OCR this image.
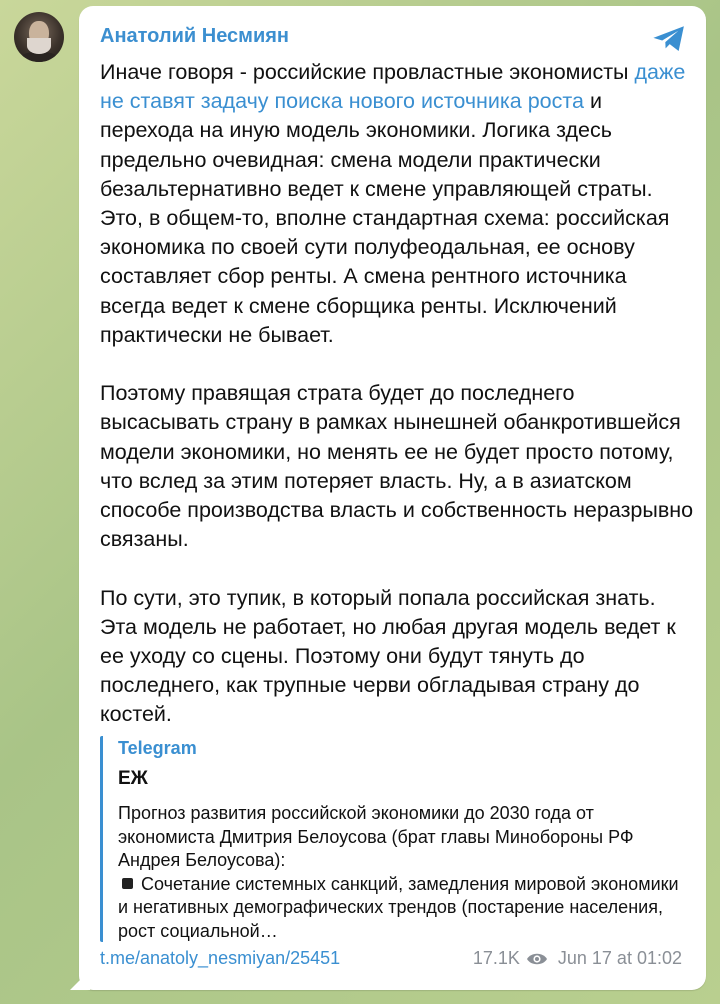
Анатолий Несмиян

Иначе говоря - российские провластные экономисты даже не ставят задачу поиска нового источника роста и перехода на иную модель экономики. Логика здесь предельно очевидная: смена модели практически безальтернативно ведет к смене управляющей страты. Это, в общем-то, вполне стандартная схема: российская экономика по своей сути полуфеодальная, ее основу составляет сбор ренты. А смена рентного источника всегда ведет к смене сборщика ренты. Исключений практически не бывает.

Поэтому правящая страта будет до последнего высасывать страну в рамках нынешней обанкротившейся модели экономики, но менять ее не будет просто потому, что вслед за этим потеряет власть. Ну, а в азиатском способе производства власть и собственность неразрывно связаны.

По сути, это тупик, в который попала российская знать. Эта модель не работает, но любая другая модель ведет к ее уходу со сцены. Поэтому они будут тянуть до последнего, как трупные черви обгладывая страну до костей.

Telegram
ЕЖ

Прогноз развития российской экономики до 2030 года от экономиста Дмитрия Белоусова (брат главы Минобороны РФ Андрея Белоусова):

Сочетание системных санкций, замедления мировой экономики и негативных демографических трендов (постарение населения, рост социальной…

t.me/anatoly_nesmiyan/25451	17.1K Jun 17 at 01:02
